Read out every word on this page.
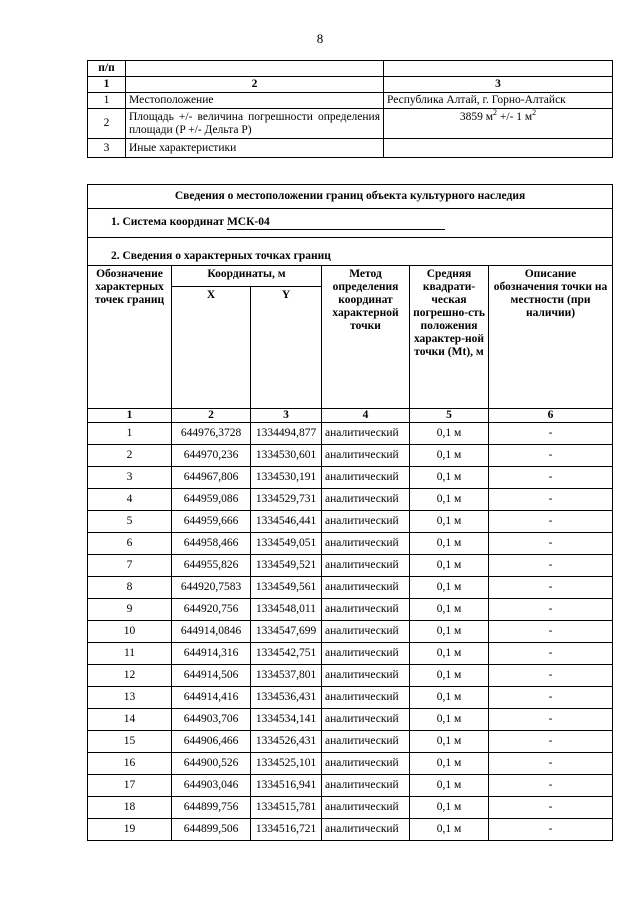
8
п/п		
1	2	3
1	Местоположение	Республика Алтай, г. Горно-Алтайск
2	Площадь +/- величина погрешности определения площади (P +/- Дельта P)	3859 $м^2$ +/- 1 $м^2$
3	Иные характеристики	
Сведения о местоположении границ объекта культурного наследия					
1. Система координат МСК-04					
2. Сведения о характерных точках границ					
Обозначение характерных точек границ	Координаты, м		Метод определения координат характерной точки	Средняя квадрати-ческая погрешно-сть положения характер-ной точки (Mt), м	Описание обозначения точки на местности (при наличии)
	X	Y			
1	2	3	4	5	6
1	644976,3728	1334494,877	аналитический	0,1 м	-
2	644970,236	1334530,601	аналитический	0,1 м	-
3	644967,806	1334530,191	аналитический	0,1 м	-
4	644959,086	1334529,731	аналитический	0,1 м	-
5	644959,666	1334546,441	аналитический	0,1 м	-
6	644958,466	1334549,051	аналитический	0,1 м	-
7	644955,826	1334549,521	аналитический	0,1 м	-
8	644920,7583	1334549,561	аналитический	0,1 м	-
9	644920,756	1334548,011	аналитический	0,1 м	-
10	644914,0846	1334547,699	аналитический	0,1 м	-
11	644914,316	1334542,751	аналитический	0,1 м	-
12	644914,506	1334537,801	аналитический	0,1 м	-
13	644914,416	1334536,431	аналитический	0,1 м	-
14	644903,706	1334534,141	аналитический	0,1 м	-
15	644906,466	1334526,431	аналитический	0,1 м	-
16	644900,526	1334525,101	аналитический	0,1 м	-
17	644903,046	1334516,941	аналитический	0,1 м	-
18	644899,756	1334515,781	аналитический	0,1 м	-
19	644899,506	1334516,721	аналитический	0,1 м	-
